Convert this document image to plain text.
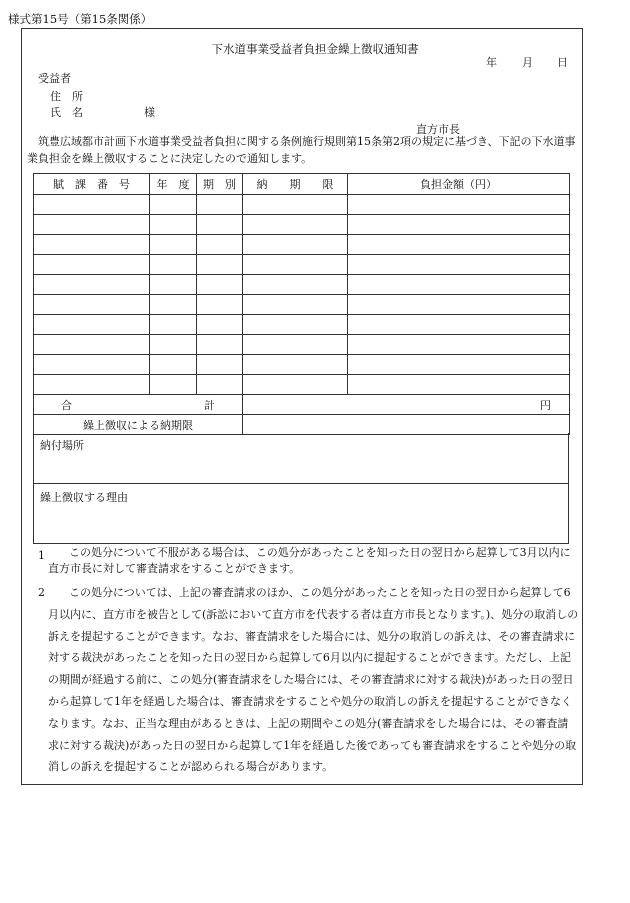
様式第15号（第15条関係）
下水道事業受益者負担金繰上徴収通知書
年 月 日
受益者
住　所
氏　名	様
直方市長
筑豊広域都市計画下水道事業受益者負担に関する条例施行規則第15条第2項の規定に基づき、下記の下水道事業負担金を繰上徴収することに決定したので通知します。
賦　課　番　号	年　度	期　別	納　　期　　限	負担金額（円）

合　　　　　　　　　　　　計			円	
繰上徴収による納期限				
納付場所
繰上徴収する理由
1	この処分について不服がある場合は、この処分があったことを知った日の翌日から起算して3月以内に直方市長に対して審査請求をすることができます。
2	この処分については、上記の審査請求のほか、この処分があったことを知った日の翌日から起算して6月以内に、直方市を被告として(訴訟において直方市を代表する者は直方市長となります。)、処分の取消しの訴えを提起することができます。なお、審査請求をした場合には、処分の取消しの訴えは、その審査請求に対する裁決があったことを知った日の翌日から起算して6月以内に提起することができます。ただし、上記の期間が経過する前に、この処分(審査請求をした場合には、その審査請求に対する裁決)があった日の翌日から起算して1年を経過した場合は、審査請求をすることや処分の取消しの訴えを提起することができなくなります。なお、正当な理由があるときは、上記の期間やこの処分(審査請求をした場合には、その審査請求に対する裁決)があった日の翌日から起算して1年を経過した後であっても審査請求をすることや処分の取消しの訴えを提起することが認められる場合があります。
